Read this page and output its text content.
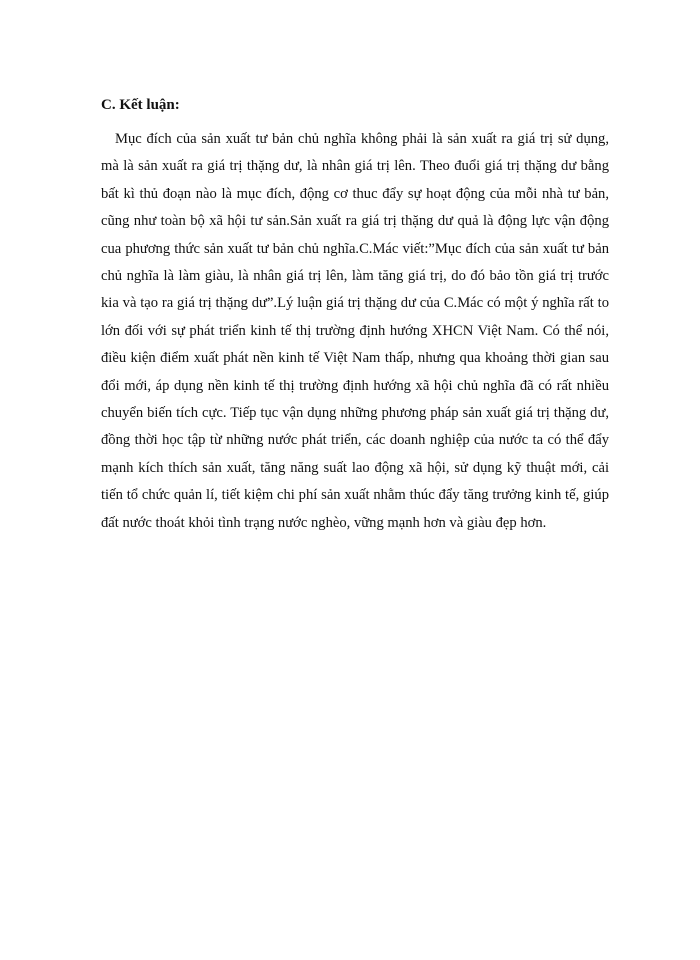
C. Kết luận:

Mục đích của sản xuất tư bản chủ nghĩa không phải là sản xuất ra giá trị sử dụng, mà là sản xuất ra giá trị thặng dư, là nhân giá trị lên. Theo đuổi giá trị thặng dư bằng bất kì thủ đoạn nào là mục đích, động cơ thuc đẩy sự hoạt động của mỗi nhà tư bản, cũng như toàn bộ xã hội tư sản.Sản xuất ra giá trị thặng dư quả là động lực vận động cua phương thức sản xuất tư bản chủ nghĩa.C.Mác viết:”Mục đích của sản xuất tư bản chủ nghĩa là làm giàu, là nhân giá trị lên, làm tăng giá trị, do đó bảo tồn giá trị trước kia và tạo ra giá trị thặng dư”.Lý luận giá trị thặng dư của C.Mác có một ý nghĩa rất to lớn đối với sự phát triển kinh tế thị trường định hướng XHCN Việt Nam. Có thể nói, điều kiện điểm xuất phát nền kinh tế Việt Nam thấp, nhưng qua khoảng thời gian sau đổi mới, áp dụng nền kinh tế thị trường định hướng xã hội chủ nghĩa đã có rất nhiều chuyển biến tích cực. Tiếp tục vận dụng những phương pháp sản xuất giá trị thặng dư, đồng thời học tập từ những nước phát triển, các doanh nghiệp của nước ta có thể đẩy mạnh kích thích sản xuất, tăng năng suất lao động xã hội, sử dụng kỹ thuật mới, cải tiến tổ chức quản lí, tiết kiệm chi phí sản xuất nhằm thúc đẩy tăng trưởng kinh tế, giúp đất nước thoát khỏi tình trạng nước nghèo, vững mạnh hơn và giàu đẹp hơn.
